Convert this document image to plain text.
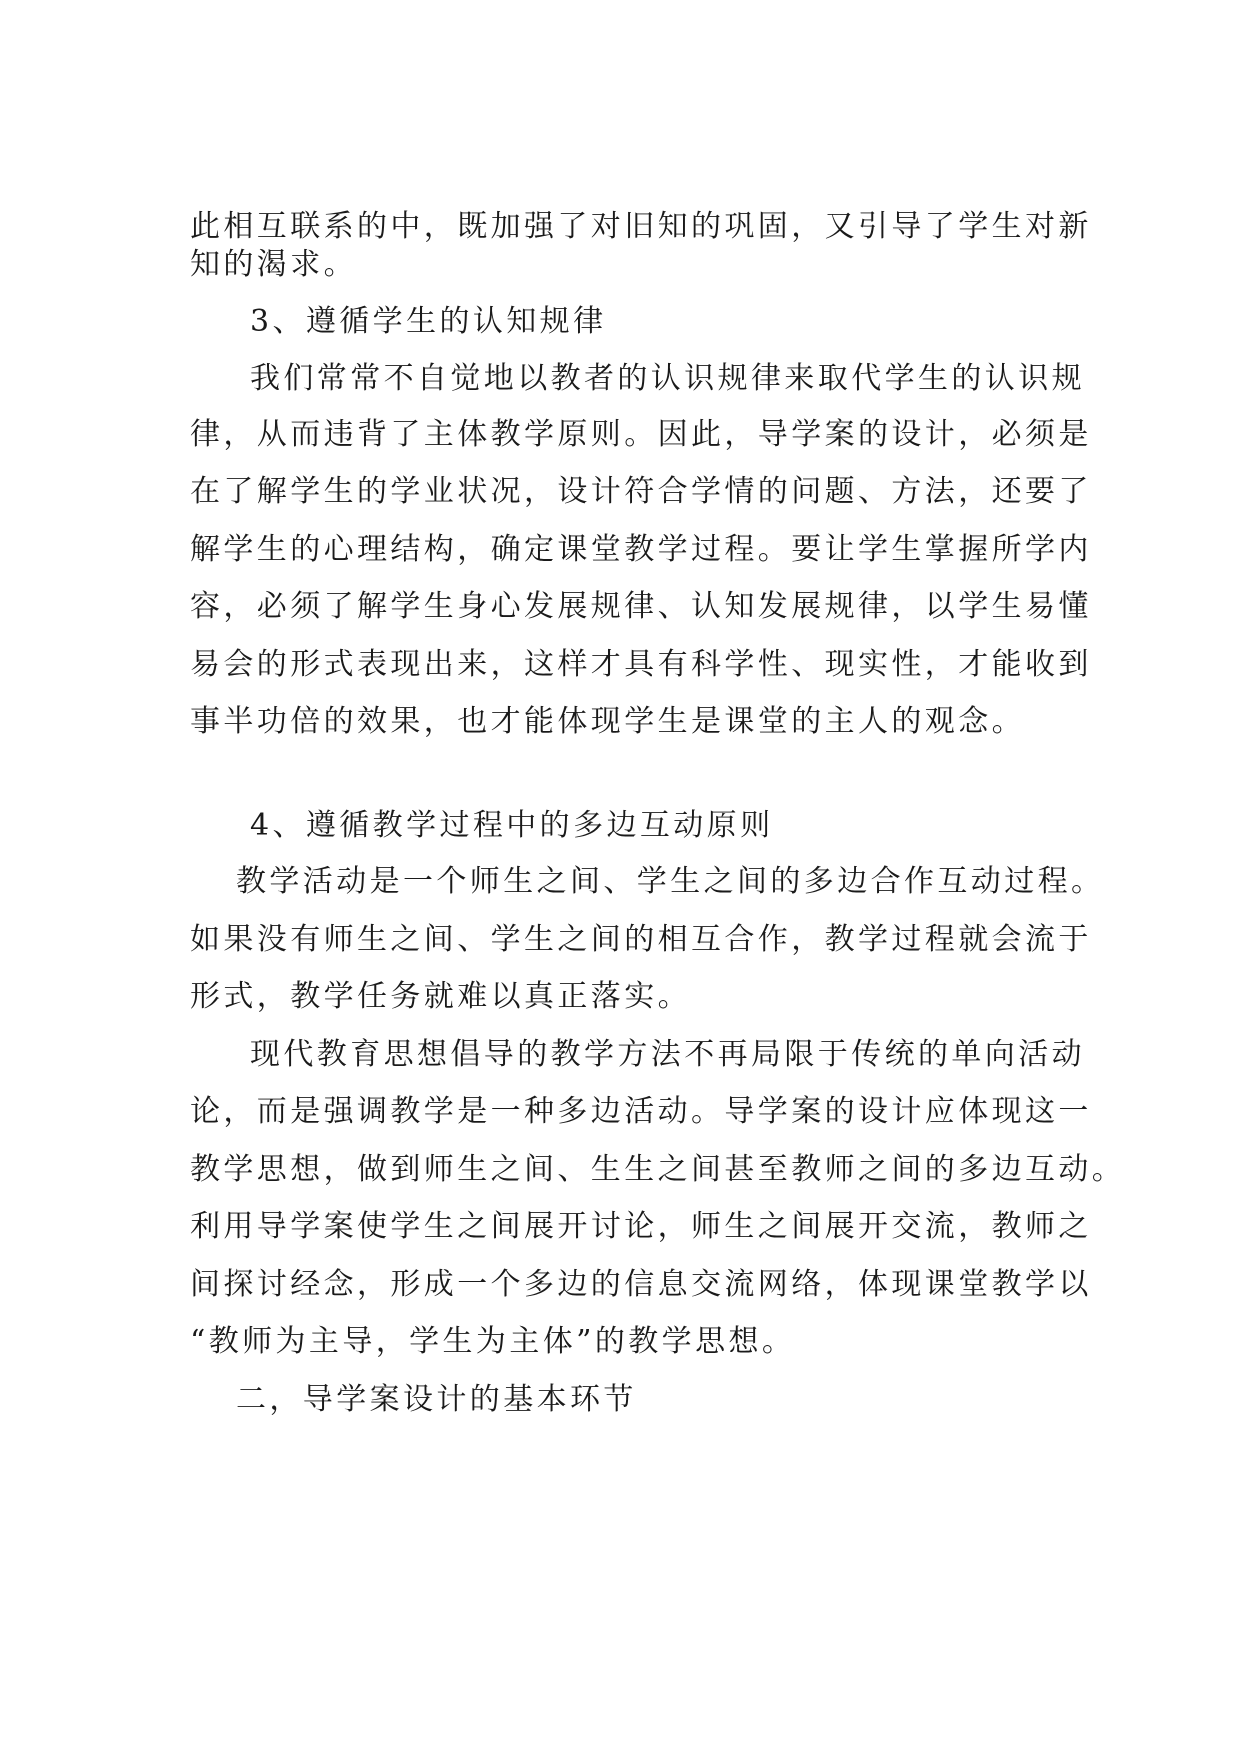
此相互联系的中，既加强了对旧知的巩固，又引导了学生对新
知的渴求。
3、遵循学生的认知规律
我们常常不自觉地以教者的认识规律来取代学生的认识规
律，从而违背了主体教学原则。因此，导学案的设计，必须是
在了解学生的学业状况，设计符合学情的问题、方法，还要了
解学生的心理结构，确定课堂教学过程。要让学生掌握所学内
容，必须了解学生身心发展规律、认知发展规律，以学生易懂
易会的形式表现出来，这样才具有科学性、现实性，才能收到
事半功倍的效果，也才能体现学生是课堂的主人的观念。
4、遵循教学过程中的多边互动原则
教学活动是一个师生之间、学生之间的多边合作互动过程。
如果没有师生之间、学生之间的相互合作，教学过程就会流于
形式，教学任务就难以真正落实。
现代教育思想倡导的教学方法不再局限于传统的单向活动
论，而是强调教学是一种多边活动。导学案的设计应体现这一
教学思想，做到师生之间、生生之间甚至教师之间的多边互动。
利用导学案使学生之间展开讨论，师生之间展开交流，教师之
间探讨经念，形成一个多边的信息交流网络，体现课堂教学以
“教师为主导，学生为主体”的教学思想。
二，导学案设计的基本环节
